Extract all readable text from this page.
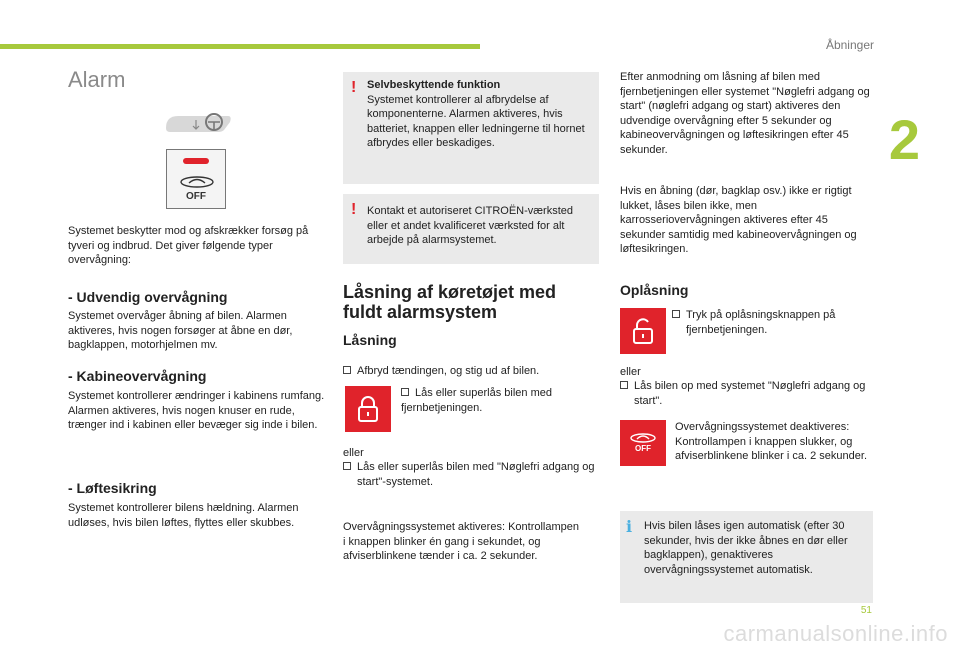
Åbninger
2
51
carmanualsonline.info
Alarm
OFF
Systemet beskytter mod og afskrækker forsøg på tyveri og indbrud. Det giver følgende typer overvågning:
- Udvendig overvågning
Systemet overvåger åbning af bilen. Alarmen aktiveres, hvis nogen forsøger at åbne en dør, bagklappen, motorhjelmen mv.
- Kabineovervågning
Systemet kontrollerer ændringer i kabinens rumfang. Alarmen aktiveres, hvis nogen knuser en rude, trænger ind i kabinen eller bevæger sig inde i bilen.
- Løftesikring
Systemet kontrollerer bilens hældning. Alarmen udløses, hvis bilen løftes, flyttes eller skubbes.
! Selvbeskyttende funktion
Systemet kontrollerer al afbrydelse af komponenterne. Alarmen aktiveres, hvis batteriet, knappen eller ledningerne til hornet afbrydes eller beskadiges.
! Kontakt et autoriseret CITROËN-værksted eller et andet kvalificeret værksted for alt arbejde på alarmsystemet.
Låsning af køretøjet med fuldt alarmsystem
Låsning
Afbryd tændingen, og stig ud af bilen.
Lås eller superlås bilen med fjernbetjeningen.
eller
Lås eller superlås bilen med "Nøglefri adgang og start"-systemet.
Overvågningssystemet aktiveres: Kontrollampen i knappen blinker én gang i sekundet, og afviserblinkene tænder i ca. 2 sekunder.
Efter anmodning om låsning af bilen med fjernbetjeningen eller systemet "Nøglefri adgang og start" (nøglefri adgang og start) aktiveres den udvendige overvågning efter 5 sekunder og kabineovervågningen og løftesikringen efter 45 sekunder.
Hvis en åbning (dør, bagklap osv.) ikke er rigtigt lukket, låses bilen ikke, men karrosseriovervågningen aktiveres efter 45 sekunder samtidig med kabineovervågningen og løftesikringen.
Oplåsning
Tryk på oplåsningsknappen på fjernbetjeningen.
eller
Lås bilen op med systemet "Nøglefri adgang og start".
OFF
Overvågningssystemet deaktiveres: Kontrollampen i knappen slukker, og afviserblinkene blinker i ca. 2 sekunder.
i Hvis bilen låses igen automatisk (efter 30 sekunder, hvis der ikke åbnes en dør eller bagklappen), genaktiveres overvågningssystemet automatisk.
